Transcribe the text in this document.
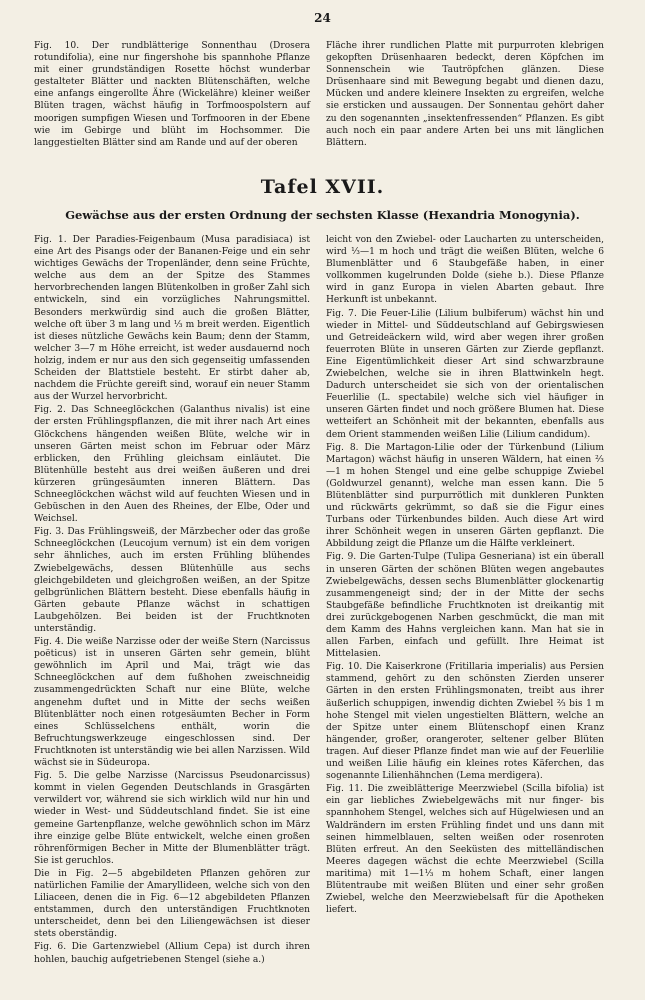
24

Fig. 10. Der rundblätterige Sonnenthau (Drosera rotundifolia), eine nur fingershohe bis spannhohe Pflanze mit einer grundständigen Rosette höchst wunderbar gestalteter Blätter und nackten Blütenschäften, welche eine anfangs eingerollte Ähre (Wickelähre) kleiner weißer Blüten tragen, wächst häufig in Torfmoospolstern auf moorigen sumpfigen Wiesen und Torfmooren in der Ebene wie im Gebirge und blüht im Hochsommer. Die langgestielten Blätter sind am Rande und auf der oberen

Fläche ihrer rundlichen Platte mit purpurroten klebrigen gekopften Drüsenhaaren bedeckt, deren Köpfchen im Sonnenschein wie Tautröpfchen glänzen. Diese Drüsenhaare sind mit Bewegung begabt und dienen dazu, Mücken und andere kleinere Insekten zu ergreifen, welche sie ersticken und aussaugen. Der Sonnentau gehört daher zu den sogenannten „insektenfressenden“ Pflanzen. Es gibt auch noch ein paar andere Arten bei uns mit länglichen Blättern.

Tafel XVII.
Gewächse aus der ersten Ordnung der sechsten Klasse (Hexandria Monogynia).

Fig. 1. Der Paradies-Feigenbaum (Musa paradisiaca) ist eine Art des Pisangs oder der Bananen-Feige und ein sehr wichtiges Gewächs der Tropenländer, denn seine Früchte, welche aus dem an der Spitze des Stammes hervorbrechenden langen Blütenkolben in großer Zahl sich entwickeln, sind ein vorzügliches Nahrungsmittel. Besonders merkwürdig sind auch die großen Blätter, welche oft über 3 m lang und ⅓ m breit werden. Eigentlich ist dieses nützliche Gewächs kein Baum; denn der Stamm, welcher 3—7 m Höhe erreicht, ist weder ausdauernd noch holzig, indem er nur aus den sich gegenseitig umfassenden Scheiden der Blattstiele besteht. Er stirbt daher ab, nachdem die Früchte gereift sind, worauf ein neuer Stamm aus der Wurzel hervorbricht.

Fig. 2. Das Schneeglöckchen (Galanthus nivalis) ist eine der ersten Frühlingspflanzen, die mit ihrer nach Art eines Glöckchens hängenden weißen Blüte, welche wir in unseren Gärten meist schon im Februar oder März erblicken, den Frühling gleichsam einläutet. Die Blütenhülle besteht aus drei weißen äußeren und drei kürzeren grüngesäumten inneren Blättern. Das Schneeglöckchen wächst wild auf feuchten Wiesen und in Gebüschen in den Auen des Rheines, der Elbe, Oder und Weichsel.

Fig. 3. Das Frühlingsweiß, der Märzbecher oder das große Schneeglöckchen (Leucojum vernum) ist ein dem vorigen sehr ähnliches, auch im ersten Frühling blühendes Zwiebelgewächs, dessen Blütenhülle aus sechs gleichgebildeten und gleichgroßen weißen, an der Spitze gelbgrünlichen Blättern besteht. Diese ebenfalls häufig in Gärten gebaute Pflanze wächst in schattigen Laubgehölzen. Bei beiden ist der Fruchtknoten unterständig.

Fig. 4. Die weiße Narzisse oder der weiße Stern (Narcissus poëticus) ist in unseren Gärten sehr gemein, blüht gewöhnlich im April und Mai, trägt wie das Schneeglöckchen auf dem fußhohen zweischneidig zusammengedrückten Schaft nur eine Blüte, welche angenehm duftet und in Mitte der sechs weißen Blütenblätter noch einen rotgesäumten Becher in Form eines Schlüsselchens enthält, worin die Befruchtungswerkzeuge eingeschlossen sind. Der Fruchtknoten ist unterständig wie bei allen Narzissen. Wild wächst sie in Südeuropa.

Fig. 5. Die gelbe Narzisse (Narcissus Pseudonarcissus) kommt in vielen Gegenden Deutschlands in Grasgärten verwildert vor, während sie sich wirklich wild nur hin und wieder in West- und Süddeutschland findet. Sie ist eine gemeine Gartenpflanze, welche gewöhnlich schon im März ihre einzige gelbe Blüte entwickelt, welche einen großen röhrenförmigen Becher in Mitte der Blumenblätter trägt. Sie ist geruchlos.

Die in Fig. 2—5 abgebildeten Pflanzen gehören zur natürlichen Familie der Amaryllideen, welche sich von den Liliaceen, denen die in Fig. 6—12 abgebildeten Pflanzen entstammen, durch den unterständigen Fruchtknoten unterscheidet, denn bei den Liliengewächsen ist dieser stets oberständig.

Fig. 6. Die Gartenzwiebel (Allium Cepa) ist durch ihren hohlen, bauchig aufgetriebenen Stengel (siehe a.)

leicht von den Zwiebel- oder Laucharten zu unterscheiden, wird ⅓—1 m hoch und trägt die weißen Blüten, welche 6 Blumenblätter und 6 Staubgefäße haben, in einer vollkommen kugelrunden Dolde (siehe b.). Diese Pflanze wird in ganz Europa in vielen Abarten gebaut. Ihre Herkunft ist unbekannt.

Fig. 7. Die Feuer-Lilie (Lilium bulbiferum) wächst hin und wieder in Mittel- und Süddeutschland auf Gebirgswiesen und Getreideäckern wild, wird aber wegen ihrer großen feuerroten Blüte in unseren Gärten zur Zierde gepflanzt. Eine Eigentümlichkeit dieser Art sind schwarzbraune Zwiebelchen, welche sie in ihren Blattwinkeln hegt. Dadurch unterscheidet sie sich von der orientalischen Feuerlilie (L. spectabile) welche sich viel häufiger in unseren Gärten findet und noch größere Blumen hat. Diese wetteifert an Schönheit mit der bekannten, ebenfalls aus dem Orient stammenden weißen Lilie (Lilium candidum).

Fig. 8. Die Martagon-Lilie oder der Türkenbund (Lilium Martagon) wächst häufig in unseren Wäldern, hat einen ⅔—1 m hohen Stengel und eine gelbe schuppige Zwiebel (Goldwurzel genannt), welche man essen kann. Die 5 Blütenblätter sind purpurrötlich mit dunkleren Punkten und rückwärts gekrümmt, so daß sie die Figur eines Turbans oder Türkenbundes bilden. Auch diese Art wird ihrer Schönheit wegen in unseren Gärten gepflanzt. Die Abbildung zeigt die Pflanze um die Hälfte verkleinert.

Fig. 9. Die Garten-Tulpe (Tulipa Gesneriana) ist ein überall in unseren Gärten der schönen Blüten wegen angebautes Zwiebelgewächs, dessen sechs Blumenblätter glockenartig zusammengeneigt sind; der in der Mitte der sechs Staubgefäße befindliche Fruchtknoten ist dreikantig mit drei zurückgebogenen Narben geschmückt, die man mit dem Kamm des Hahns vergleichen kann. Man hat sie in allen Farben, einfach und gefüllt. Ihre Heimat ist Mittelasien.

Fig. 10. Die Kaiserkrone (Fritillaria imperialis) aus Persien stammend, gehört zu den schönsten Zierden unserer Gärten in den ersten Frühlingsmonaten, treibt aus ihrer äußerlich schuppigen, inwendig dichten Zwiebel ⅔ bis 1 m hohe Stengel mit vielen ungestielten Blättern, welche an der Spitze unter einem Blütenschopf einen Kranz hängender, großer, orangeroter, seltener gelber Blüten tragen. Auf dieser Pflanze findet man wie auf der Feuerlilie und weißen Lilie häufig ein kleines rotes Käferchen, das sogenannte Lilienhähnchen (Lema merdigera).

Fig. 11. Die zweiblätterige Meerzwiebel (Scilla bifolia) ist ein gar liebliches Zwiebelgewächs mit nur finger- bis spannhohem Stengel, welches sich auf Hügelwiesen und an Waldrändern im ersten Frühling findet und uns dann mit seinen himmelblauen, selten weißen oder rosenroten Blüten erfreut. An den Seeküsten des mittelländischen Meeres dagegen wächst die echte Meerzwiebel (Scilla maritima) mit 1—1⅓ m hohem Schaft, einer langen Blütentraube mit weißen Blüten und einer sehr großen Zwiebel, welche den Meerzwiebelsaft für die Apotheken liefert.
